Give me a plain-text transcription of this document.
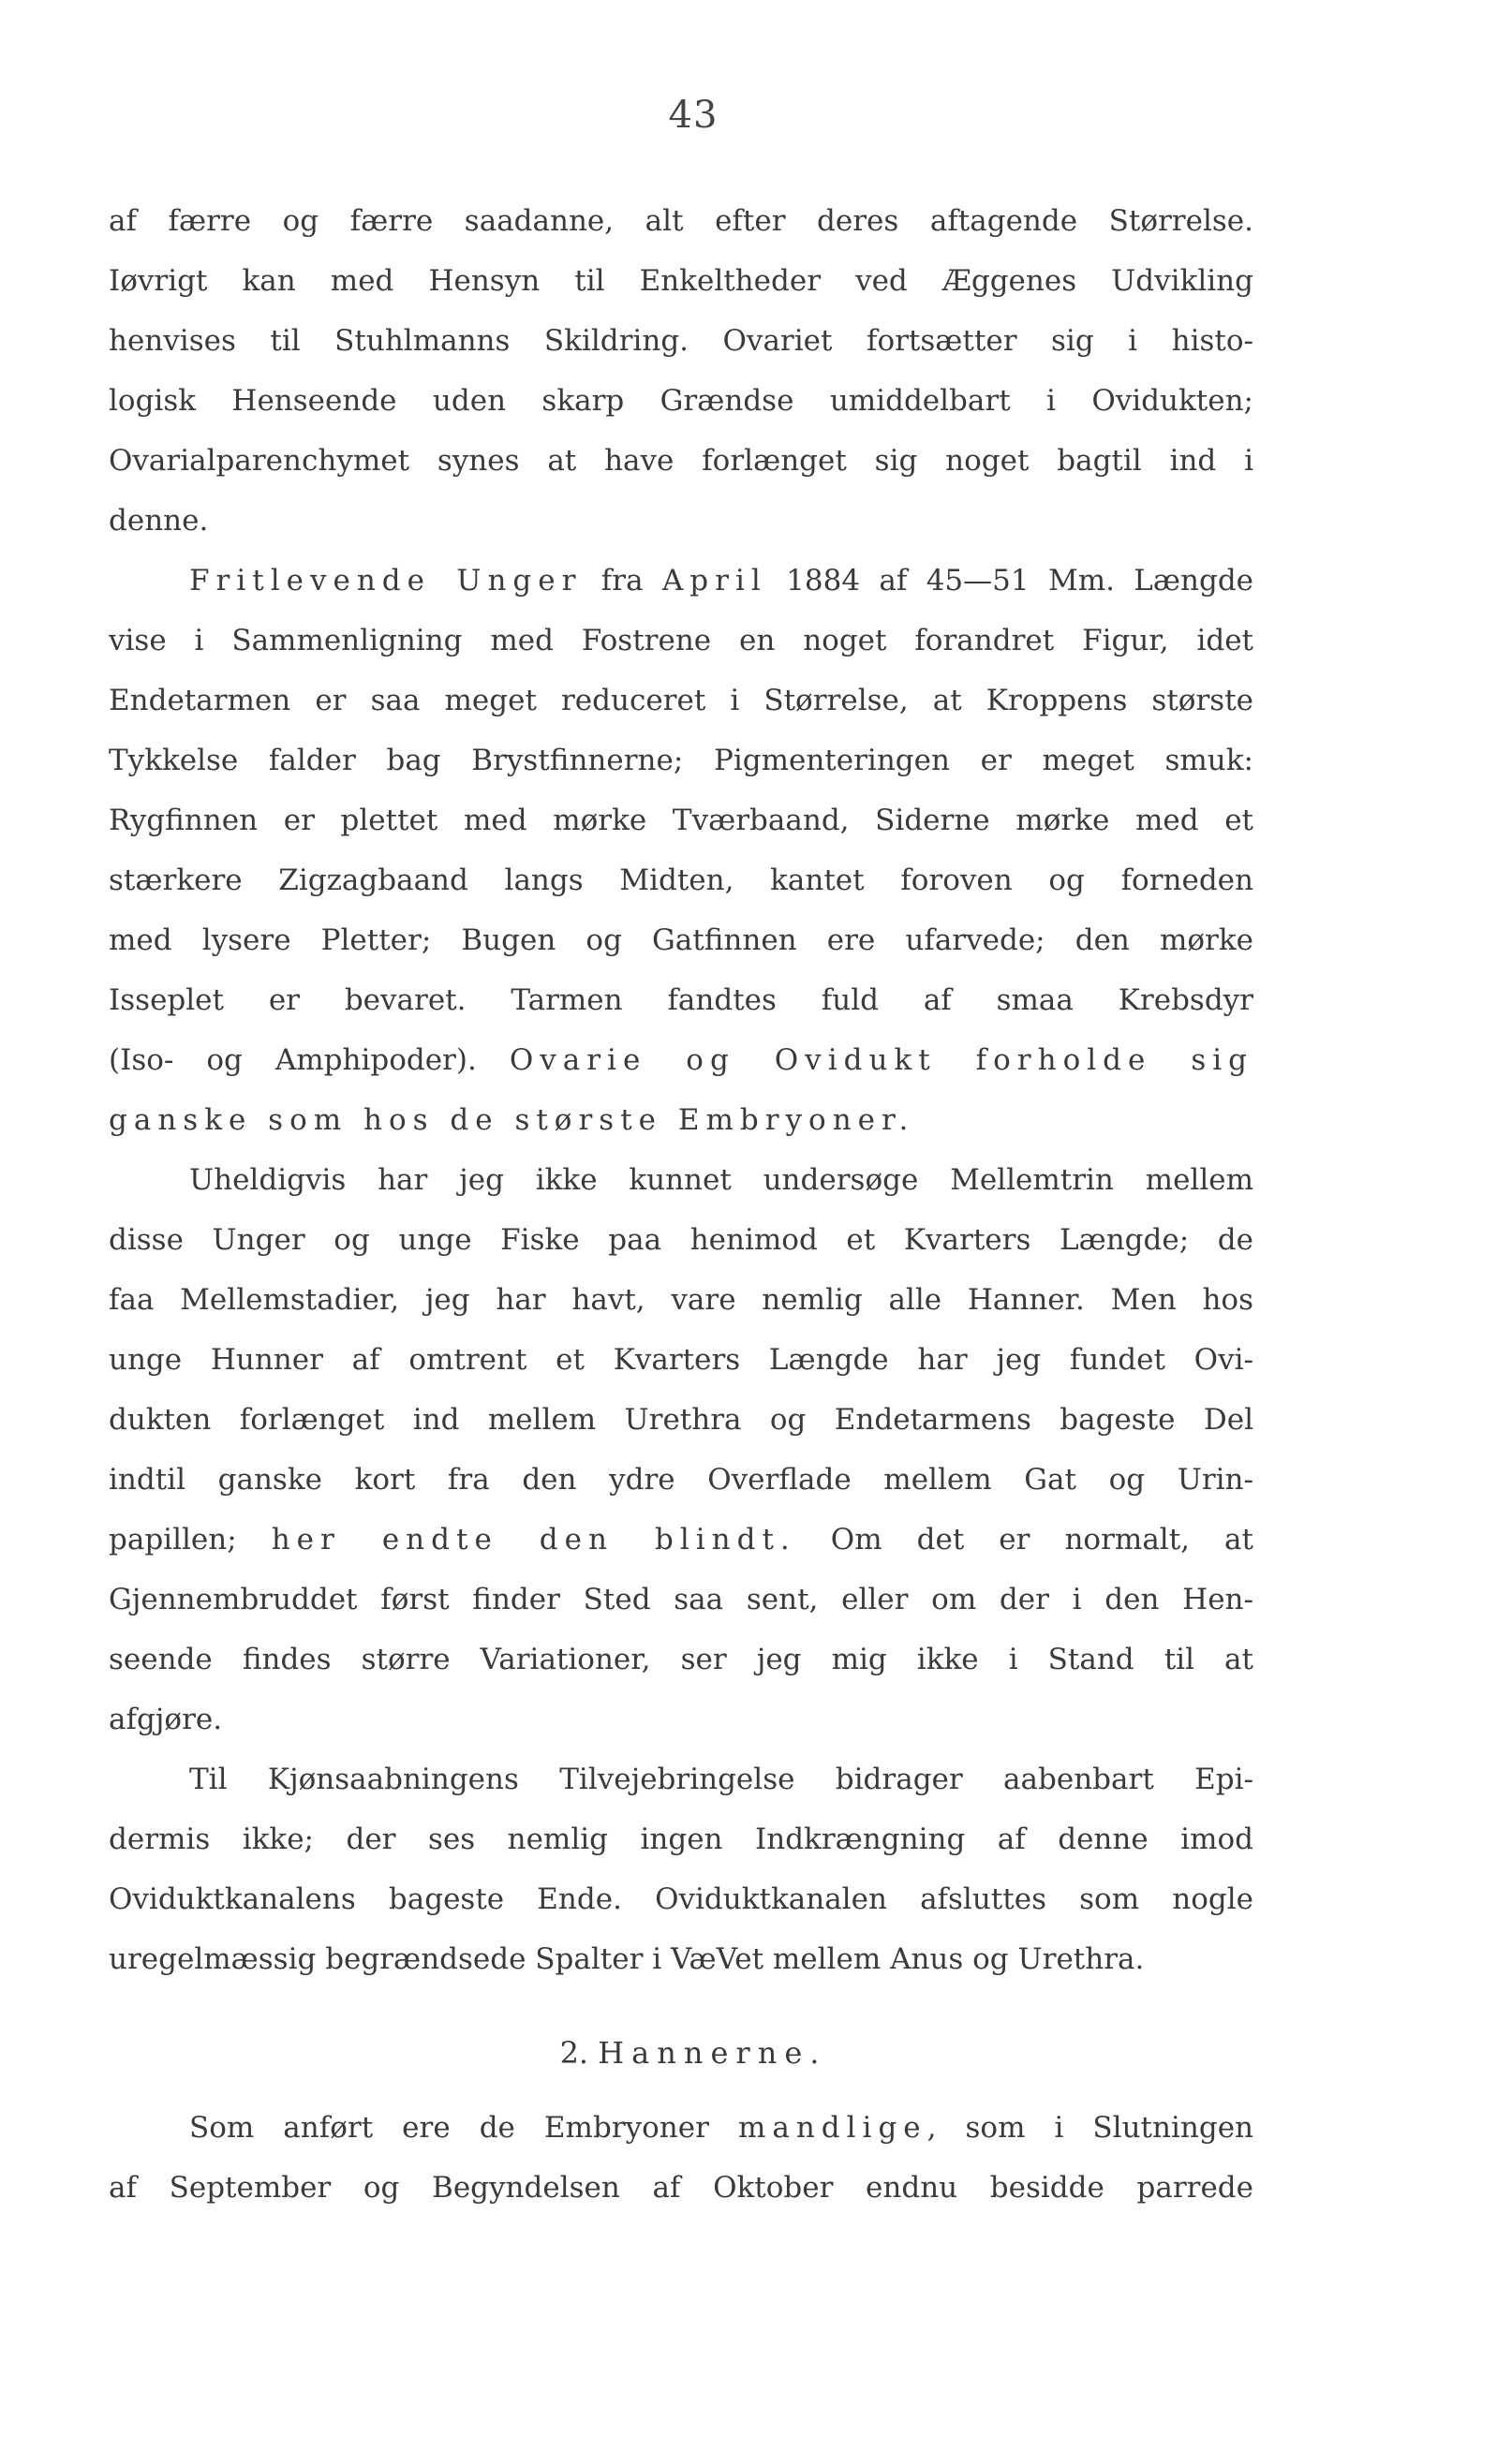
43
af færre og færre saadanne, alt efter deres aftagende Størrelse.
Iøvrigt kan med Hensyn til Enkeltheder ved Æggenes Udvikling
henvises til Stuhlmanns Skildring. Ovariet fortsætter sig i histo-
logisk Henseende uden skarp Grændse umiddelbart i Ovidukten;
Ovarialparenchymet synes at have forlænget sig noget bagtil ind i
denne.
Fritlevende Unger fra April 1884 af 45—51 Mm. Længde
vise i Sammenligning med Fostrene en noget forandret Figur, idet
Endetarmen er saa meget reduceret i Størrelse, at Kroppens største
Tykkelse falder bag Brystfinnerne; Pigmenteringen er meget smuk:
Rygfinnen er plettet med mørke Tværbaand, Siderne mørke med et
stærkere Zigzagbaand langs Midten, kantet foroven og forneden
med lysere Pletter; Bugen og Gatfinnen ere ufarvede; den mørke
Isseplet er bevaret. Tarmen fandtes fuld af smaa Krebsdyr
(Iso- og Amphipoder). Ovarie og Ovidukt forholde sig
ganske som hos de største Embryoner.
Uheldigvis har jeg ikke kunnet undersøge Mellemtrin mellem
disse Unger og unge Fiske paa henimod et Kvarters Længde; de
faa Mellemstadier, jeg har havt, vare nemlig alle Hanner. Men hos
unge Hunner af omtrent et Kvarters Længde har jeg fundet Ovi-
dukten forlænget ind mellem Urethra og Endetarmens bageste Del
indtil ganske kort fra den ydre Overflade mellem Gat og Urin-
papillen; her endte den blindt. Om det er normalt, at
Gjennembruddet først finder Sted saa sent, eller om der i den Hen-
seende findes større Variationer, ser jeg mig ikke i Stand til at
afgjøre.
Til Kjønsaabningens Tilvejebringelse bidrager aabenbart Epi-
dermis ikke; der ses nemlig ingen Indkrængning af denne imod
Oviduktkanalens bageste Ende. Oviduktkanalen afsluttes som nogle
uregelmæssig begrændsede Spalter i VæVet mellem Anus og Urethra.
2. Hannerne.
Som anført ere de Embryoner mandlige, som i Slutningen
af September og Begyndelsen af Oktober endnu besidde parrede
